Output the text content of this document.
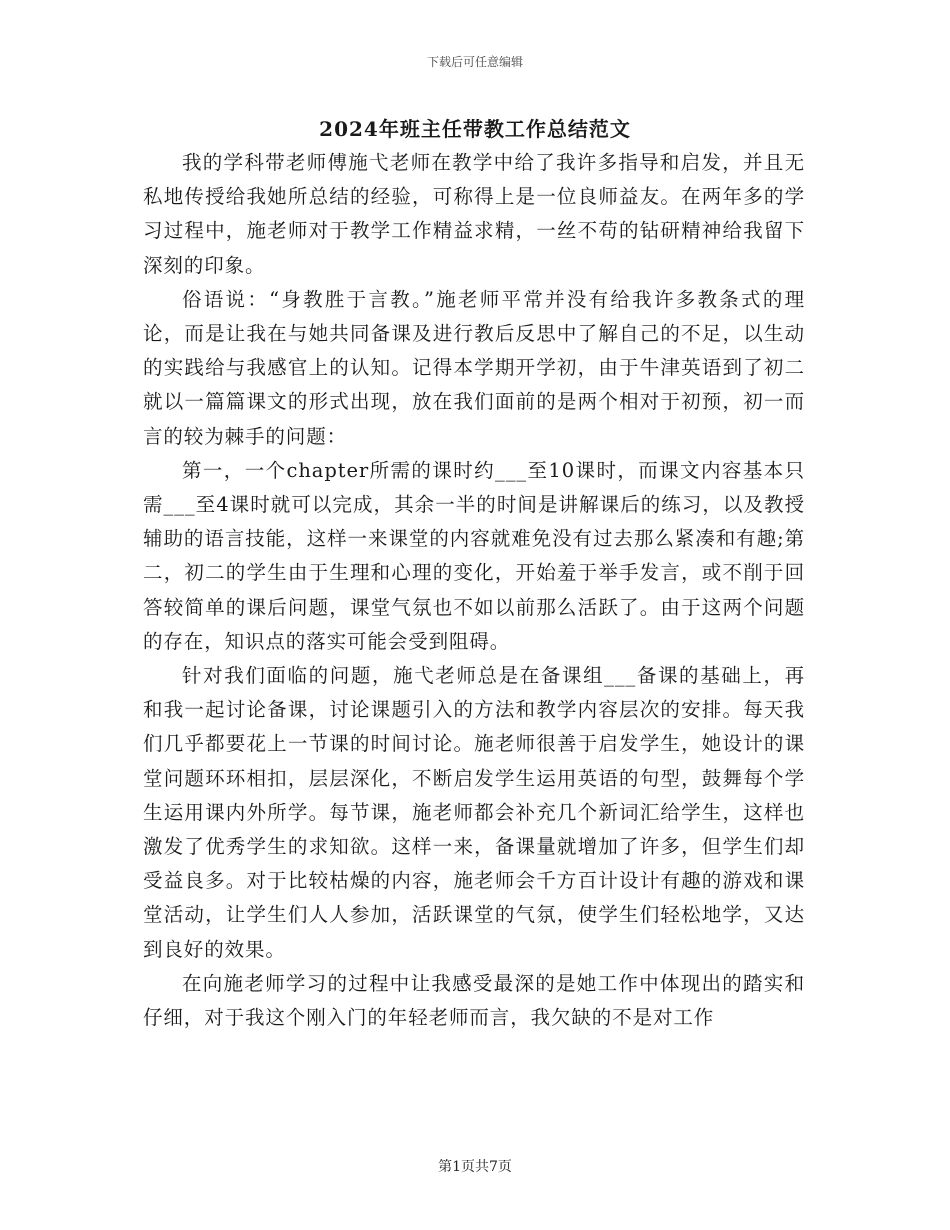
下载后可任意编辑
2024年班主任带教工作总结范文

我的学科带老师傅施弋老师在教学中给了我许多指导和启发，并且无私地传授给我她所总结的经验，可称得上是一位良师益友。在两年多的学习过程中，施老师对于教学工作精益求精，一丝不苟的钻研精神给我留下深刻的印象。

俗语说：“身教胜于言教。”施老师平常并没有给我许多教条式的理论，而是让我在与她共同备课及进行教后反思中了解自己的不足，以生动的实践给与我感官上的认知。记得本学期开学初，由于牛津英语到了初二就以一篇篇课文的形式出现，放在我们面前的是两个相对于初预，初一而言的较为棘手的问题：

第一，一个chapter所需的课时约___至10课时，而课文内容基本只需___至4课时就可以完成，其余一半的时间是讲解课后的练习，以及教授辅助的语言技能，这样一来课堂的内容就难免没有过去那么紧凑和有趣;第二，初二的学生由于生理和心理的变化，开始羞于举手发言，或不削于回答较简单的课后问题，课堂气氛也不如以前那么活跃了。由于这两个问题的存在，知识点的落实可能会受到阻碍。

针对我们面临的问题，施弋老师总是在备课组___备课的基础上，再和我一起讨论备课，讨论课题引入的方法和教学内容层次的安排。每天我们几乎都要花上一节课的时间讨论。施老师很善于启发学生，她设计的课堂问题环环相扣，层层深化，不断启发学生运用英语的句型，鼓舞每个学生运用课内外所学。每节课，施老师都会补充几个新词汇给学生，这样也激发了优秀学生的求知欲。这样一来，备课量就增加了许多，但学生们却受益良多。对于比较枯燥的内容，施老师会千方百计设计有趣的游戏和课堂活动，让学生们人人参加，活跃课堂的气氛，使学生们轻松地学，又达到良好的效果。

在向施老师学习的过程中让我感受最深的是她工作中体现出的踏实和仔细，对于我这个刚入门的年轻老师而言，我欠缺的不是对工作

第1页共7页
